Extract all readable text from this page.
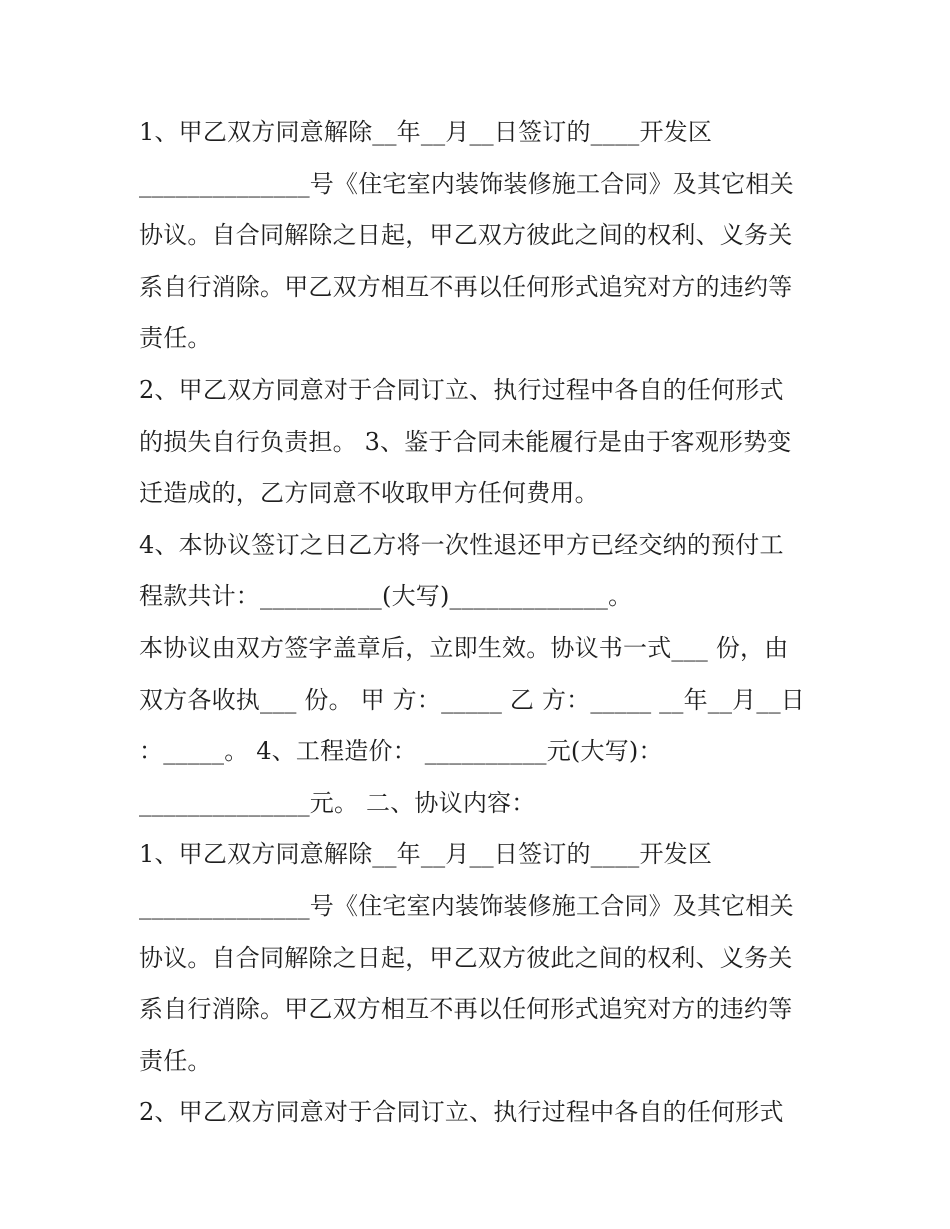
1、甲乙双方同意解除__年__月__日签订的____开发区
______________号《住宅室内装饰装修施工合同》及其它相关
协议。自合同解除之日起，甲乙双方彼此之间的权利、义务关
系自行消除。甲乙双方相互不再以任何形式追究对方的违约等
责任。
2、甲乙双方同意对于合同订立、执行过程中各自的任何形式
的损失自行负责担。 3、鉴于合同未能履行是由于客观形势变
迁造成的，乙方同意不收取甲方任何费用。
4、本协议签订之日乙方将一次性退还甲方已经交纳的预付工
程款共计：__________(大写)_____________。
本协议由双方签字盖章后，立即生效。协议书一式___ 份，由
双方各收执___ 份。 甲 方：_____ 乙 方：_____ __年__月__日
：_____。 4、工程造价： __________元(大写)：
______________元。 二、协议内容：
1、甲乙双方同意解除__年__月__日签订的____开发区
______________号《住宅室内装饰装修施工合同》及其它相关
协议。自合同解除之日起，甲乙双方彼此之间的权利、义务关
系自行消除。甲乙双方相互不再以任何形式追究对方的违约等
责任。
2、甲乙双方同意对于合同订立、执行过程中各自的任何形式
